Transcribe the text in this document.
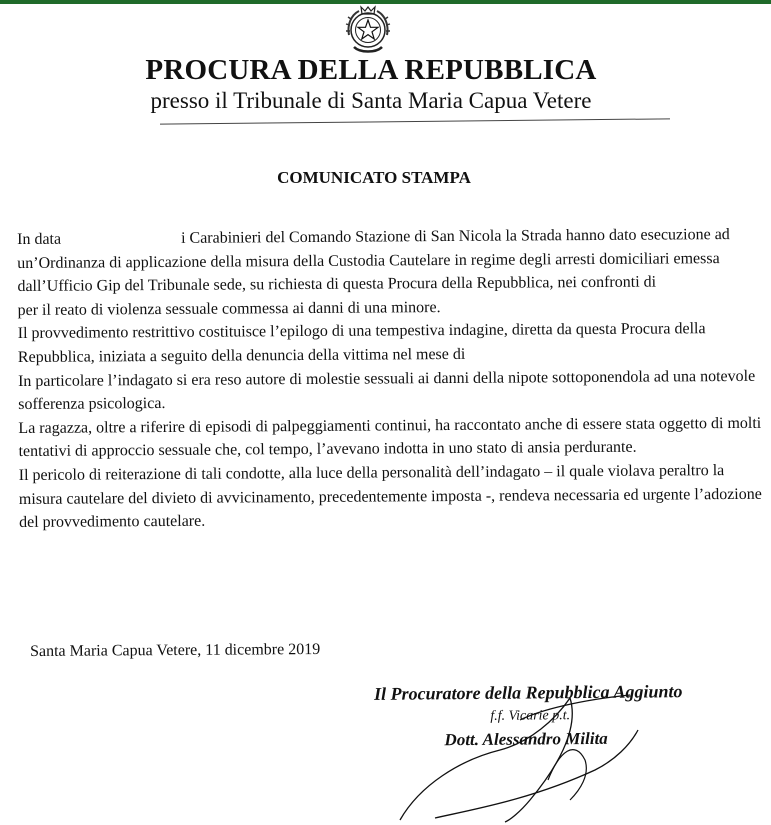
PROCURA DELLA REPUBBLICA
presso il Tribunale di Santa Maria Capua Vetere
COMUNICATO STAMPA

In data	i Carabinieri del Comando Stazione di San Nicola la Strada hanno dato esecuzione ad un’Ordinanza di applicazione della misura della Custodia Cautelare in regime degli arresti domiciliari emessa dall’Ufficio Gip del Tribunale sede, su richiesta di questa Procura della Repubblica, nei confronti di

per il reato di violenza sessuale commessa ai danni di una minore.

Il provvedimento restrittivo costituisce l’epilogo di una tempestiva indagine, diretta da questa Procura della Repubblica, iniziata a seguito della denuncia della vittima nel mese di

In particolare l’indagato si era reso autore di molestie sessuali ai danni della nipote sottoponendola ad una notevole sofferenza psicologica.

La ragazza, oltre a riferire di episodi di palpeggiamenti continui, ha raccontato anche di essere stata oggetto di molti tentativi di approccio sessuale che, col tempo, l’avevano indotta in uno stato di ansia perdurante.

Il pericolo di reiterazione di tali condotte, alla luce della personalità dell’indagato – il quale violava peraltro la misura cautelare del divieto di avvicinamento, precedentemente imposta -, rendeva necessaria ed urgente l’adozione del provvedimento cautelare.

Santa Maria Capua Vetere, 11 dicembre 2019
Il Procuratore della Repubblica Aggiunto
f.f. Vicarie p.t.
Dott. Alessandro Milita
